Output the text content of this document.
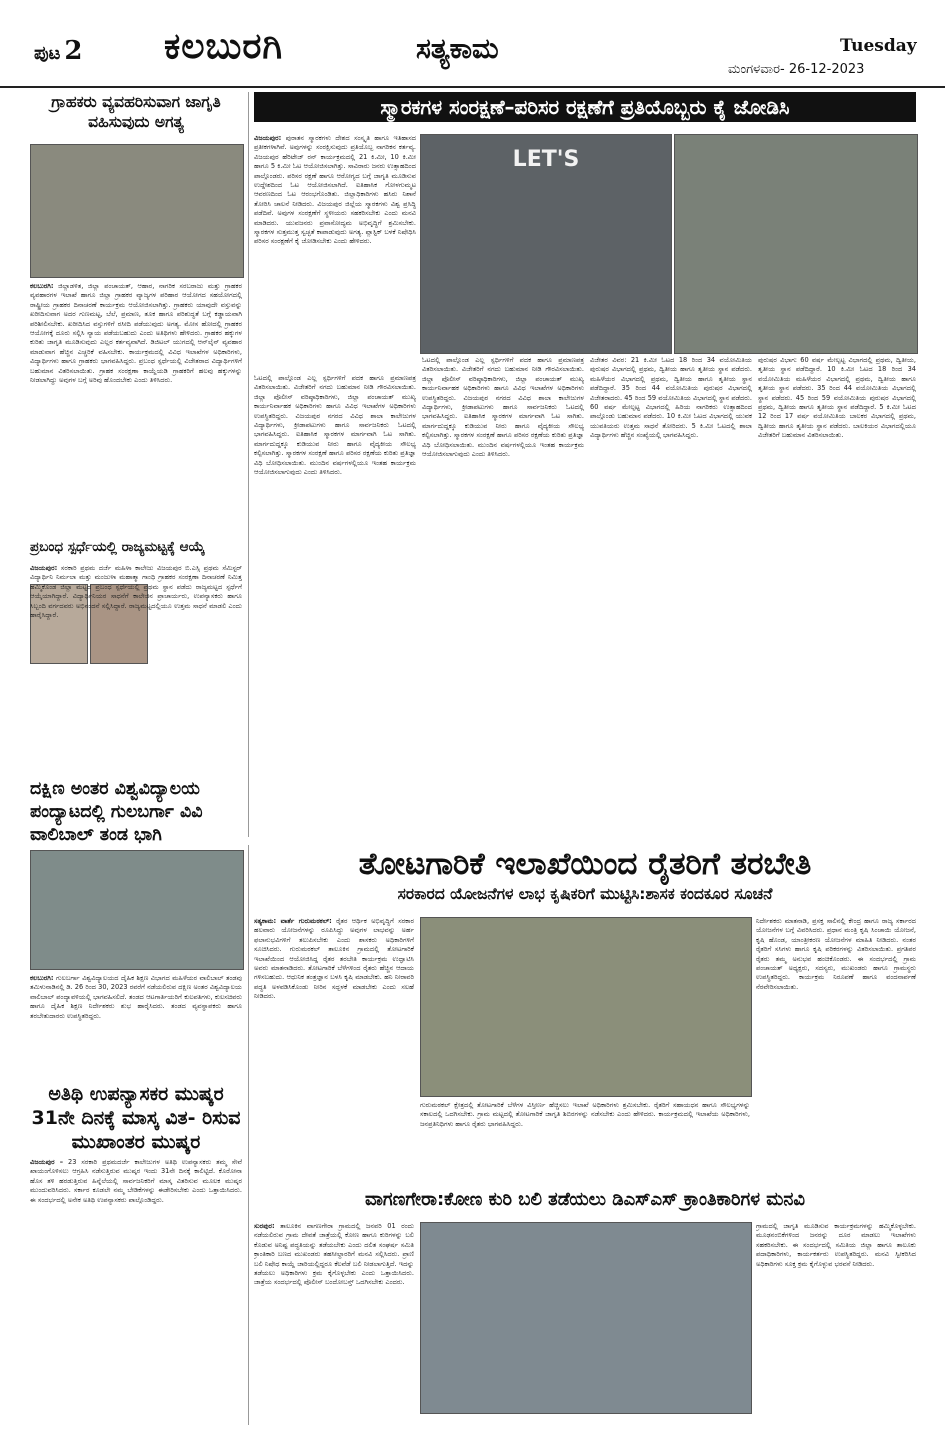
ಪುಟ 2 ಕಲಬುರಗಿ	ಸತ್ಯಕಾಮ	Tuesday
ಮಂಗಳವಾರ- 26-12-2023
ಗ್ರಾಹಕರು ವ್ಯವಹರಿಸುವಾಗ ಜಾಗೃತಿ ವಹಿಸುವುದು ಅಗತ್ಯ
ಕಲಬುರಗಿ: ಜಿಲ್ಲಾಡಳಿತ, ಜಿಲ್ಲಾ ಪಂಚಾಯತ್, ಆಹಾರ, ನಾಗರಿಕ ಸರಬರಾಜು ಮತ್ತು ಗ್ರಾಹಕರ ವ್ಯವಹಾರಗಳ ಇಲಾಖೆ ಹಾಗೂ ಜಿಲ್ಲಾ ಗ್ರಾಹಕರ ವ್ಯಾಜ್ಯಗಳ ಪರಿಹಾರ ಆಯೋಗದ ಸಹಯೋಗದಲ್ಲಿ ರಾಷ್ಟ್ರೀಯ ಗ್ರಾಹಕರ ದಿನಾಚರಣೆ ಕಾರ್ಯಕ್ರಮ ಆಯೋಜಿಸಲಾಗಿತ್ತು. ಗ್ರಾಹಕರು ಯಾವುದೇ ವಸ್ತುವನ್ನು ಖರೀದಿಸುವಾಗ ಅದರ ಗುಣಮಟ್ಟ, ಬೆಲೆ, ಪ್ರಮಾಣ, ತೂಕ ಹಾಗೂ ಪರಿಶುದ್ಧತೆ ಬಗ್ಗೆ ಕಡ್ಡಾಯವಾಗಿ ಪರಿಶೀಲಿಸಬೇಕು. ಖರೀದಿಸಿದ ವಸ್ತುಗಳಿಗೆ ರಸೀದಿ ಪಡೆಯುವುದು ಅಗತ್ಯ. ಮೋಸ ಹೋದಲ್ಲಿ ಗ್ರಾಹಕರ ಆಯೋಗಕ್ಕೆ ದೂರು ಸಲ್ಲಿಸಿ ನ್ಯಾಯ ಪಡೆಯಬಹುದು ಎಂದು ಅತಿಥಿಗಳು ಹೇಳಿದರು. ಗ್ರಾಹಕರ ಹಕ್ಕುಗಳ ಕುರಿತು ಜಾಗೃತಿ ಮೂಡಿಸುವುದು ಎಲ್ಲರ ಕರ್ತವ್ಯವಾಗಿದೆ. ಡಿಜಿಟಲ್ ಯುಗದಲ್ಲಿ ಆನ್‌ಲೈನ್ ವ್ಯವಹಾರ ಮಾಡುವಾಗ ಹೆಚ್ಚಿನ ಎಚ್ಚರಿಕೆ ವಹಿಸಬೇಕು. ಕಾರ್ಯಕ್ರಮದಲ್ಲಿ ವಿವಿಧ ಇಲಾಖೆಗಳ ಅಧಿಕಾರಿಗಳು, ವಿದ್ಯಾರ್ಥಿಗಳು ಹಾಗೂ ಗ್ರಾಹಕರು ಭಾಗವಹಿಸಿದ್ದರು. ಪ್ರಬಂಧ ಸ್ಪರ್ಧೆಯಲ್ಲಿ ವಿಜೇತರಾದ ವಿದ್ಯಾರ್ಥಿಗಳಿಗೆ ಬಹುಮಾನ ವಿತರಿಸಲಾಯಿತು. ಗ್ರಾಹಕ ಸಂರಕ್ಷಣಾ ಕಾಯ್ದೆಯಡಿ ಗ್ರಾಹಕರಿಗೆ ಹಲವು ಹಕ್ಕುಗಳನ್ನು ನೀಡಲಾಗಿದ್ದು ಅವುಗಳ ಬಗ್ಗೆ ಅರಿವು ಹೊಂದಬೇಕು ಎಂದು ತಿಳಿಸಿದರು.
ಪ್ರಬಂಧ ಸ್ಪರ್ಧೆಯಲ್ಲಿ ರಾಜ್ಯಮಟ್ಟಕ್ಕೆ ಆಯ್ಕೆ
ವಿಜಯಪುರ: ಸರಕಾರಿ ಪ್ರಥಮ ದರ್ಜೆ ಮಹಿಳಾ ಕಾಲೇಜು ವಿಜಯಪುರ ಬಿ.ಎಸ್ಸಿ ಪ್ರಥಮ ಸೆಮಿಸ್ಟರ್ ವಿದ್ಯಾರ್ಥಿನಿ ನಿರ್ಮಲಾ ಮತ್ತು ಮಂಜುಳಾ ಮಹಾತ್ಮಾ ಗಾಂಧಿ ಗ್ರಾಹಕರ ಸಂರಕ್ಷಣಾ ದಿನಾಚರಣೆ ನಿಮಿತ್ತ ಹಮ್ಮಿಕೊಂಡ ಜಿಲ್ಲಾ ಮಟ್ಟದ ಪ್ರಬಂಧ ಸ್ಪರ್ಧೆಯಲ್ಲಿ ಪ್ರಥಮ ಸ್ಥಾನ ಪಡೆದು ರಾಜ್ಯಮಟ್ಟದ ಸ್ಪರ್ಧೆಗೆ ಆಯ್ಕೆಯಾಗಿದ್ದಾರೆ. ವಿದ್ಯಾರ್ಥಿನಿಯರ ಸಾಧನೆಗೆ ಕಾಲೇಜಿನ ಪ್ರಾಚಾರ್ಯರು, ಉಪನ್ಯಾಸಕರು ಹಾಗೂ ಸಿಬ್ಬಂದಿ ವರ್ಗದವರು ಅಭಿನಂದನೆ ಸಲ್ಲಿಸಿದ್ದಾರೆ. ರಾಜ್ಯಮಟ್ಟದಲ್ಲಿಯೂ ಉತ್ತಮ ಸಾಧನೆ ಮಾಡಲಿ ಎಂದು ಹಾರೈಸಿದ್ದಾರೆ.
ದಕ್ಷಿಣ ಅಂತರ ವಿಶ್ವವಿದ್ಯಾಲಯ ಪಂದ್ಯಾಟದಲ್ಲಿ ಗುಲಬರ್ಗಾ ವಿವಿ ವಾಲಿಬಾಲ್ ತಂಡ ಭಾಗಿ
ಕಲಬುರಗಿ: ಗುಲಬರ್ಗಾ ವಿಶ್ವವಿದ್ಯಾಲಯದ ದೈಹಿಕ ಶಿಕ್ಷಣ ವಿಭಾಗದ ಮಹಿಳೆಯರ ವಾಲಿಬಾಲ್ ತಂಡವು ತಮಿಳುನಾಡಿನಲ್ಲಿ ಡಿ. 26 ರಿಂದ 30, 2023 ರವರೆಗೆ ನಡೆಯಲಿರುವ ದಕ್ಷಿಣ ಅಂತರ ವಿಶ್ವವಿದ್ಯಾಲಯ ವಾಲಿಬಾಲ್ ಪಂದ್ಯಾವಳಿಯಲ್ಲಿ ಭಾಗವಹಿಸಲಿದೆ. ತಂಡದ ಆಟಗಾರ್ತಿಯರಿಗೆ ಕುಲಪತಿಗಳು, ಕುಲಸಚಿವರು ಹಾಗೂ ದೈಹಿಕ ಶಿಕ್ಷಣ ನಿರ್ದೇಶಕರು ಶುಭ ಹಾರೈಸಿದರು. ತಂಡದ ವ್ಯವಸ್ಥಾಪಕರು ಹಾಗೂ ತರಬೇತುದಾರರು ಉಪಸ್ಥಿತರಿದ್ದರು.
ಅತಿಥಿ ಉಪನ್ಯಾಸಕರ ಮುಷ್ಕರ 31ನೇ ದಿನಕ್ಕೆ ಮಾಸ್ಕ ವಿತ- ರಿಸುವ ಮುಖಾಂತರ ಮುಷ್ಕರ
ವಿಜಯಪುರ – 23 ಸರಕಾರಿ ಪ್ರಥಮದರ್ಜೆ ಕಾಲೇಜುಗಳ ಅತಿಥಿ ಉಪನ್ಯಾಸಕರು ತಮ್ಮ ಸೇವೆ ಖಾಯಂಗೊಳಿಸಲು ಆಗ್ರಹಿಸಿ ನಡೆಸುತ್ತಿರುವ ಮುಷ್ಕರ ಇಂದು 31ನೇ ದಿನಕ್ಕೆ ಕಾಲಿಟ್ಟಿದೆ. ಕೊರೋನಾ ಹೊಸ ತಳಿ ಹರಡುತ್ತಿರುವ ಹಿನ್ನೆಲೆಯಲ್ಲಿ ಸಾರ್ವಜನಿಕರಿಗೆ ಮಾಸ್ಕ ವಿತರಿಸುವ ಮೂಲಕ ಮುಷ್ಕರ ಮುಂದುವರಿಸಿದರು. ಸರ್ಕಾರ ಕೂಡಲೇ ನಮ್ಮ ಬೇಡಿಕೆಗಳನ್ನು ಈಡೇರಿಸಬೇಕು ಎಂದು ಒತ್ತಾಯಿಸಿದರು. ಈ ಸಂದರ್ಭದಲ್ಲಿ ಅನೇಕ ಅತಿಥಿ ಉಪನ್ಯಾಸಕರು ಪಾಲ್ಗೊಂಡಿದ್ದರು.
ಸ್ಮಾರಕಗಳ ಸಂರಕ್ಷಣೆ–ಪರಿಸರ ರಕ್ಷಣೆಗೆ ಪ್ರತಿಯೊಬ್ಬರು ಕೈ ಜೋಡಿಸಿ
ವಿಜಯಪುರ: ಪುರಾತನ ಸ್ಮಾರಕಗಳು ದೇಶದ ಸಂಸ್ಕೃತಿ ಹಾಗೂ ಇತಿಹಾಸದ ಪ್ರತೀಕಗಳಾಗಿವೆ. ಅವುಗಳನ್ನು ಸಂರಕ್ಷಿಸುವುದು ಪ್ರತಿಯೊಬ್ಬ ನಾಗರಿಕನ ಕರ್ತವ್ಯ. ವಿಜಯಪುರ ಹೆರಿಟೇಜ್ ರನ್ ಕಾರ್ಯಕ್ರಮದಲ್ಲಿ 21 ಕಿ.ಮೀ, 10 ಕಿ.ಮೀ ಹಾಗೂ 5 ಕಿ.ಮೀ ಓಟ ಆಯೋಜಿಸಲಾಗಿತ್ತು. ಸಾವಿರಾರು ಜನರು ಉತ್ಸಾಹದಿಂದ ಪಾಲ್ಗೊಂಡರು. ಪರಿಸರ ರಕ್ಷಣೆ ಹಾಗೂ ಆರೋಗ್ಯದ ಬಗ್ಗೆ ಜಾಗೃತಿ ಮೂಡಿಸುವ ಉದ್ದೇಶದಿಂದ ಓಟ ಆಯೋಜಿಸಲಾಗಿದೆ. ಐತಿಹಾಸಿಕ ಗೋಳಗುಮ್ಮಟ ಆವರಣದಿಂದ ಓಟ ಆರಂಭಗೊಂಡಿತು. ಜಿಲ್ಲಾಧಿಕಾರಿಗಳು ಹಸಿರು ನಿಶಾನೆ ತೋರಿಸಿ ಚಾಲನೆ ನೀಡಿದರು. ವಿಜಯಪುರ ಜಿಲ್ಲೆಯ ಸ್ಮಾರಕಗಳು ವಿಶ್ವ ಪ್ರಸಿದ್ಧಿ ಪಡೆದಿವೆ. ಅವುಗಳ ಸಂರಕ್ಷಣೆಗೆ ಸ್ಥಳೀಯರು ಸಹಕರಿಸಬೇಕು ಎಂದು ಮನವಿ ಮಾಡಿದರು. ಯುವಜನರು ಪ್ರವಾಸೋದ್ಯಮ ಅಭಿವೃದ್ಧಿಗೆ ಶ್ರಮಿಸಬೇಕು. ಸ್ಮಾರಕಗಳ ಸುತ್ತಮುತ್ತ ಸ್ವಚ್ಛತೆ ಕಾಪಾಡುವುದು ಅಗತ್ಯ. ಪ್ಲಾಸ್ಟಿಕ್ ಬಳಕೆ ನಿಷೇಧಿಸಿ ಪರಿಸರ ಸಂರಕ್ಷಣೆಗೆ ಕೈ ಜೋಡಿಸಬೇಕು ಎಂದು ಹೇಳಿದರು.
LET'S
ಓಟದಲ್ಲಿ ಪಾಲ್ಗೊಂಡ ಎಲ್ಲ ಸ್ಪರ್ಧಿಗಳಿಗೆ ಪದಕ ಹಾಗೂ ಪ್ರಮಾಣಪತ್ರ ವಿತರಿಸಲಾಯಿತು. ವಿಜೇತರಿಗೆ ನಗದು ಬಹುಮಾನ ನೀಡಿ ಗೌರವಿಸಲಾಯಿತು. ಜಿಲ್ಲಾ ಪೊಲೀಸ್ ವರಿಷ್ಠಾಧಿಕಾರಿಗಳು, ಜಿಲ್ಲಾ ಪಂಚಾಯತ್ ಮುಖ್ಯ ಕಾರ್ಯನಿರ್ವಾಹಕ ಅಧಿಕಾರಿಗಳು ಹಾಗೂ ವಿವಿಧ ಇಲಾಖೆಗಳ ಅಧಿಕಾರಿಗಳು ಉಪಸ್ಥಿತರಿದ್ದರು. ವಿಜಯಪುರ ನಗರದ ವಿವಿಧ ಶಾಲಾ ಕಾಲೇಜುಗಳ ವಿದ್ಯಾರ್ಥಿಗಳು, ಕ್ರೀಡಾಪಟುಗಳು ಹಾಗೂ ಸಾರ್ವಜನಿಕರು ಓಟದಲ್ಲಿ ಭಾಗವಹಿಸಿದ್ದರು. ಐತಿಹಾಸಿಕ ಸ್ಮಾರಕಗಳ ಮಾರ್ಗವಾಗಿ ಓಟ ಸಾಗಿತು. ಮಾರ್ಗದುದ್ದಕ್ಕೂ ಕುಡಿಯುವ ನೀರು ಹಾಗೂ ವೈದ್ಯಕೀಯ ಸೌಲಭ್ಯ ಕಲ್ಪಿಸಲಾಗಿತ್ತು. ಸ್ಮಾರಕಗಳ ಸಂರಕ್ಷಣೆ ಹಾಗೂ ಪರಿಸರ ರಕ್ಷಣೆಯ ಕುರಿತು ಪ್ರತಿಜ್ಞಾ ವಿಧಿ ಬೋಧಿಸಲಾಯಿತು. ಮುಂದಿನ ವರ್ಷಗಳಲ್ಲಿಯೂ ಇಂತಹ ಕಾರ್ಯಕ್ರಮ ಆಯೋಜಿಸಲಾಗುವುದು ಎಂದು ತಿಳಿಸಿದರು.
ಓಟದಲ್ಲಿ ಪಾಲ್ಗೊಂಡ ಎಲ್ಲ ಸ್ಪರ್ಧಿಗಳಿಗೆ ಪದಕ ಹಾಗೂ ಪ್ರಮಾಣಪತ್ರ ವಿತರಿಸಲಾಯಿತು. ವಿಜೇತರಿಗೆ ನಗದು ಬಹುಮಾನ ನೀಡಿ ಗೌರವಿಸಲಾಯಿತು. ಜಿಲ್ಲಾ ಪೊಲೀಸ್ ವರಿಷ್ಠಾಧಿಕಾರಿಗಳು, ಜಿಲ್ಲಾ ಪಂಚಾಯತ್ ಮುಖ್ಯ ಕಾರ್ಯನಿರ್ವಾಹಕ ಅಧಿಕಾರಿಗಳು ಹಾಗೂ ವಿವಿಧ ಇಲಾಖೆಗಳ ಅಧಿಕಾರಿಗಳು ಉಪಸ್ಥಿತರಿದ್ದರು. ವಿಜಯಪುರ ನಗರದ ವಿವಿಧ ಶಾಲಾ ಕಾಲೇಜುಗಳ ವಿದ್ಯಾರ್ಥಿಗಳು, ಕ್ರೀಡಾಪಟುಗಳು ಹಾಗೂ ಸಾರ್ವಜನಿಕರು ಓಟದಲ್ಲಿ ಭಾಗವಹಿಸಿದ್ದರು. ಐತಿಹಾಸಿಕ ಸ್ಮಾರಕಗಳ ಮಾರ್ಗವಾಗಿ ಓಟ ಸಾಗಿತು. ಮಾರ್ಗದುದ್ದಕ್ಕೂ ಕುಡಿಯುವ ನೀರು ಹಾಗೂ ವೈದ್ಯಕೀಯ ಸೌಲಭ್ಯ ಕಲ್ಪಿಸಲಾಗಿತ್ತು. ಸ್ಮಾರಕಗಳ ಸಂರಕ್ಷಣೆ ಹಾಗೂ ಪರಿಸರ ರಕ್ಷಣೆಯ ಕುರಿತು ಪ್ರತಿಜ್ಞಾ ವಿಧಿ ಬೋಧಿಸಲಾಯಿತು. ಮುಂದಿನ ವರ್ಷಗಳಲ್ಲಿಯೂ ಇಂತಹ ಕಾರ್ಯಕ್ರಮ ಆಯೋಜಿಸಲಾಗುವುದು ಎಂದು ತಿಳಿಸಿದರು.
ವಿಜೇತರ ವಿವರ: 21 ಕಿ.ಮೀ ಓಟದ 18 ರಿಂದ 34 ವಯೋಮಿತಿಯ ಪುರುಷರ ವಿಭಾಗದಲ್ಲಿ ಪ್ರಥಮ, ದ್ವಿತೀಯ ಹಾಗೂ ತೃತೀಯ ಸ್ಥಾನ ಪಡೆದರು. ಮಹಿಳೆಯರ ವಿಭಾಗದಲ್ಲಿ ಪ್ರಥಮ, ದ್ವಿತೀಯ ಹಾಗೂ ತೃತೀಯ ಸ್ಥಾನ ಪಡೆದಿದ್ದಾರೆ. 35 ರಿಂದ 44 ವಯೋಮಿತಿಯ ಪುರುಷರ ವಿಭಾಗದಲ್ಲಿ ವಿಜೇತರಾದರು. 45 ರಿಂದ 59 ವಯೋಮಿತಿಯ ವಿಭಾಗದಲ್ಲಿ ಸ್ಥಾನ ಪಡೆದರು. 60 ವರ್ಷ ಮೇಲ್ಪಟ್ಟ ವಿಭಾಗದಲ್ಲಿ ಹಿರಿಯ ನಾಗರಿಕರು ಉತ್ಸಾಹದಿಂದ ಪಾಲ್ಗೊಂಡು ಬಹುಮಾನ ಪಡೆದರು. 10 ಕಿ.ಮೀ ಓಟದ ವಿಭಾಗದಲ್ಲಿ ಯುವಕ ಯುವತಿಯರು ಉತ್ತಮ ಸಾಧನೆ ತೋರಿದರು. 5 ಕಿ.ಮೀ ಓಟದಲ್ಲಿ ಶಾಲಾ ವಿದ್ಯಾರ್ಥಿಗಳು ಹೆಚ್ಚಿನ ಸಂಖ್ಯೆಯಲ್ಲಿ ಭಾಗವಹಿಸಿದ್ದರು.
ಪುರುಷರ ವಿಭಾಗ: 60 ವರ್ಷ ಮೇಲ್ಪಟ್ಟ ವಿಭಾಗದಲ್ಲಿ ಪ್ರಥಮ, ದ್ವಿತೀಯ, ತೃತೀಯ ಸ್ಥಾನ ಪಡೆದಿದ್ದಾರೆ. 10 ಕಿ.ಮೀ ಓಟದ 18 ರಿಂದ 34 ವಯೋಮಿತಿಯ ಮಹಿಳೆಯರ ವಿಭಾಗದಲ್ಲಿ ಪ್ರಥಮ, ದ್ವಿತೀಯ ಹಾಗೂ ತೃತೀಯ ಸ್ಥಾನ ಪಡೆದರು. 35 ರಿಂದ 44 ವಯೋಮಿತಿಯ ವಿಭಾಗದಲ್ಲಿ ಸ್ಥಾನ ಪಡೆದರು. 45 ರಿಂದ 59 ವಯೋಮಿತಿಯ ಪುರುಷರ ವಿಭಾಗದಲ್ಲಿ ಪ್ರಥಮ, ದ್ವಿತೀಯ ಹಾಗೂ ತೃತೀಯ ಸ್ಥಾನ ಪಡೆದಿದ್ದಾರೆ. 5 ಕಿ.ಮೀ ಓಟದ 12 ರಿಂದ 17 ವರ್ಷ ವಯೋಮಿತಿಯ ಬಾಲಕರ ವಿಭಾಗದಲ್ಲಿ ಪ್ರಥಮ, ದ್ವಿತೀಯ ಹಾಗೂ ತೃತೀಯ ಸ್ಥಾನ ಪಡೆದರು. ಬಾಲಕಿಯರ ವಿಭಾಗದಲ್ಲಿಯೂ ವಿಜೇತರಿಗೆ ಬಹುಮಾನ ವಿತರಿಸಲಾಯಿತು.
ತೋಟಗಾರಿಕೆ ಇಲಾಖೆಯಿಂದ ರೈತರಿಗೆ ತರಬೇತಿ
ಸರಕಾರದ ಯೋಜನೆಗಳ ಲಾಭ ಕೃಷಿಕರಿಗೆ ಮುಟ್ಟಿಸಿ:ಶಾಸಕ ಕಂದಕೂರ ಸೂಚನೆ
ಸತ್ಯಕಾಮ: ವಾರ್ತೆ ಗುರುಮಠಕಲ್: ರೈತರ ಆರ್ಥಿಕ ಅಭಿವೃದ್ಧಿಗೆ ಸರಕಾರ ಹಲವಾರು ಯೋಜನೆಗಳನ್ನು ರೂಪಿಸಿದ್ದು ಅವುಗಳ ಲಾಭವನ್ನು ಅರ್ಹ ಫಲಾನುಭವಿಗಳಿಗೆ ತಲುಪಿಸಬೇಕು ಎಂದು ಶಾಸಕರು ಅಧಿಕಾರಿಗಳಿಗೆ ಸೂಚಿಸಿದರು. ಗುರುಮಠಕಲ್ ತಾಲೂಕಿನ ಗ್ರಾಮದಲ್ಲಿ ತೋಟಗಾರಿಕೆ ಇಲಾಖೆಯಿಂದ ಆಯೋಜಿಸಿದ್ದ ರೈತರ ತರಬೇತಿ ಕಾರ್ಯಕ್ರಮ ಉದ್ಘಾಟಿಸಿ ಅವರು ಮಾತನಾಡಿದರು. ತೋಟಗಾರಿಕೆ ಬೆಳೆಗಳಿಂದ ರೈತರು ಹೆಚ್ಚಿನ ಆದಾಯ ಗಳಿಸಬಹುದು. ಆಧುನಿಕ ತಂತ್ರಜ್ಞಾನ ಬಳಸಿ ಕೃಷಿ ಮಾಡಬೇಕು. ಹನಿ ನೀರಾವರಿ ಪದ್ಧತಿ ಅಳವಡಿಸಿಕೊಂಡು ನೀರಿನ ಸದ್ಬಳಕೆ ಮಾಡಬೇಕು ಎಂದು ಸಲಹೆ ನೀಡಿದರು.
ಗುರುಮಠಕಲ್ ಕ್ಷೇತ್ರದಲ್ಲಿ ತೋಟಗಾರಿಕೆ ಬೆಳೆಗಳ ವಿಸ್ತೀರ್ಣ ಹೆಚ್ಚಿಸಲು ಇಲಾಖೆ ಅಧಿಕಾರಿಗಳು ಶ್ರಮಿಸಬೇಕು. ರೈತರಿಗೆ ಸಹಾಯಧನ ಹಾಗೂ ಸೌಲಭ್ಯಗಳನ್ನು ಸಕಾಲದಲ್ಲಿ ಒದಗಿಸಬೇಕು. ಗ್ರಾಮ ಮಟ್ಟದಲ್ಲಿ ತೋಟಗಾರಿಕೆ ಜಾಗೃತಿ ಶಿಬಿರಗಳನ್ನು ನಡೆಸಬೇಕು ಎಂದು ಹೇಳಿದರು. ಕಾರ್ಯಕ್ರಮದಲ್ಲಿ ಇಲಾಖೆಯ ಅಧಿಕಾರಿಗಳು, ಜನಪ್ರತಿನಿಧಿಗಳು ಹಾಗೂ ರೈತರು ಭಾಗವಹಿಸಿದ್ದರು.
ನಿರ್ದೇಶಕರು ಮಾತನಾಡಿ, ಪ್ರಸಕ್ತ ಸಾಲಿನಲ್ಲಿ ಕೇಂದ್ರ ಹಾಗೂ ರಾಜ್ಯ ಸರ್ಕಾರದ ಯೋಜನೆಗಳ ಬಗ್ಗೆ ವಿವರಿಸಿದರು. ಪ್ರಧಾನ ಮಂತ್ರಿ ಕೃಷಿ ಸಿಂಚಾಯಿ ಯೋಜನೆ, ಕೃಷಿ ಹೊಂಡ, ಯಾಂತ್ರೀಕರಣ ಯೋಜನೆಗಳ ಮಾಹಿತಿ ನೀಡಿದರು. ನಂತರ ರೈತರಿಗೆ ಸಸಿಗಳು ಹಾಗೂ ಕೃಷಿ ಪರಿಕರಗಳನ್ನು ವಿತರಿಸಲಾಯಿತು. ಪ್ರಗತಿಪರ ರೈತರು ತಮ್ಮ ಅನುಭವ ಹಂಚಿಕೊಂಡರು. ಈ ಸಂದರ್ಭದಲ್ಲಿ ಗ್ರಾಮ ಪಂಚಾಯತ್ ಅಧ್ಯಕ್ಷರು, ಸದಸ್ಯರು, ಮುಖಂಡರು ಹಾಗೂ ಗ್ರಾಮಸ್ಥರು ಉಪಸ್ಥಿತರಿದ್ದರು. ಕಾರ್ಯಕ್ರಮ ನಿರೂಪಣೆ ಹಾಗೂ ವಂದನಾರ್ಪಣೆ ನೆರವೇರಿಸಲಾಯಿತು.
ವಾಗಣಗೇರಾ:ಕೋಣ ಕುರಿ ಬಲಿ ತಡೆಯಲು ಡಿಎಸ್ಎಸ್ ಕ್ರಾಂತಿಕಾರಿಗಳ ಮನವಿ
ಸುರಪುರ: ತಾಲೂಕಿನ ವಾಗಣಗೇರಾ ಗ್ರಾಮದಲ್ಲಿ ಜನವರಿ 01 ರಂದು ನಡೆಯಲಿರುವ ಗ್ರಾಮ ದೇವತೆ ಜಾತ್ರೆಯಲ್ಲಿ ಕೋಣ ಹಾಗೂ ಕುರಿಗಳನ್ನು ಬಲಿ ಕೊಡುವ ಅನಿಷ್ಟ ಪದ್ಧತಿಯನ್ನು ತಡೆಯಬೇಕು ಎಂದು ದಲಿತ ಸಂಘರ್ಷ ಸಮಿತಿ ಕ್ರಾಂತಿಕಾರಿ ಬಣದ ಮುಖಂಡರು ತಹಸೀಲ್ದಾರರಿಗೆ ಮನವಿ ಸಲ್ಲಿಸಿದರು. ಪ್ರಾಣಿ ಬಲಿ ನಿಷೇಧ ಕಾಯ್ದೆ ಜಾರಿಯಲ್ಲಿದ್ದರೂ ಕೆಲವೆಡೆ ಬಲಿ ನೀಡಲಾಗುತ್ತಿದೆ. ಇದನ್ನು ತಡೆಯಲು ಅಧಿಕಾರಿಗಳು ಕ್ರಮ ಕೈಗೊಳ್ಳಬೇಕು ಎಂದು ಒತ್ತಾಯಿಸಿದರು. ಜಾತ್ರೆಯ ಸಂದರ್ಭದಲ್ಲಿ ಪೊಲೀಸ್ ಬಂದೋಬಸ್ತ್ ಒದಗಿಸಬೇಕು ಎಂದರು.
ಗ್ರಾಮದಲ್ಲಿ ಜಾಗೃತಿ ಮೂಡಿಸುವ ಕಾರ್ಯಕ್ರಮಗಳನ್ನು ಹಮ್ಮಿಕೊಳ್ಳಬೇಕು. ಮೂಢನಂಬಿಕೆಗಳಿಂದ ಜನರನ್ನು ದೂರ ಮಾಡಲು ಇಲಾಖೆಗಳು ಸಹಕರಿಸಬೇಕು. ಈ ಸಂದರ್ಭದಲ್ಲಿ ಸಮಿತಿಯ ಜಿಲ್ಲಾ ಹಾಗೂ ತಾಲೂಕು ಪದಾಧಿಕಾರಿಗಳು, ಕಾರ್ಯಕರ್ತರು ಉಪಸ್ಥಿತರಿದ್ದರು. ಮನವಿ ಸ್ವೀಕರಿಸಿದ ಅಧಿಕಾರಿಗಳು ಸೂಕ್ತ ಕ್ರಮ ಕೈಗೊಳ್ಳುವ ಭರವಸೆ ನೀಡಿದರು.
